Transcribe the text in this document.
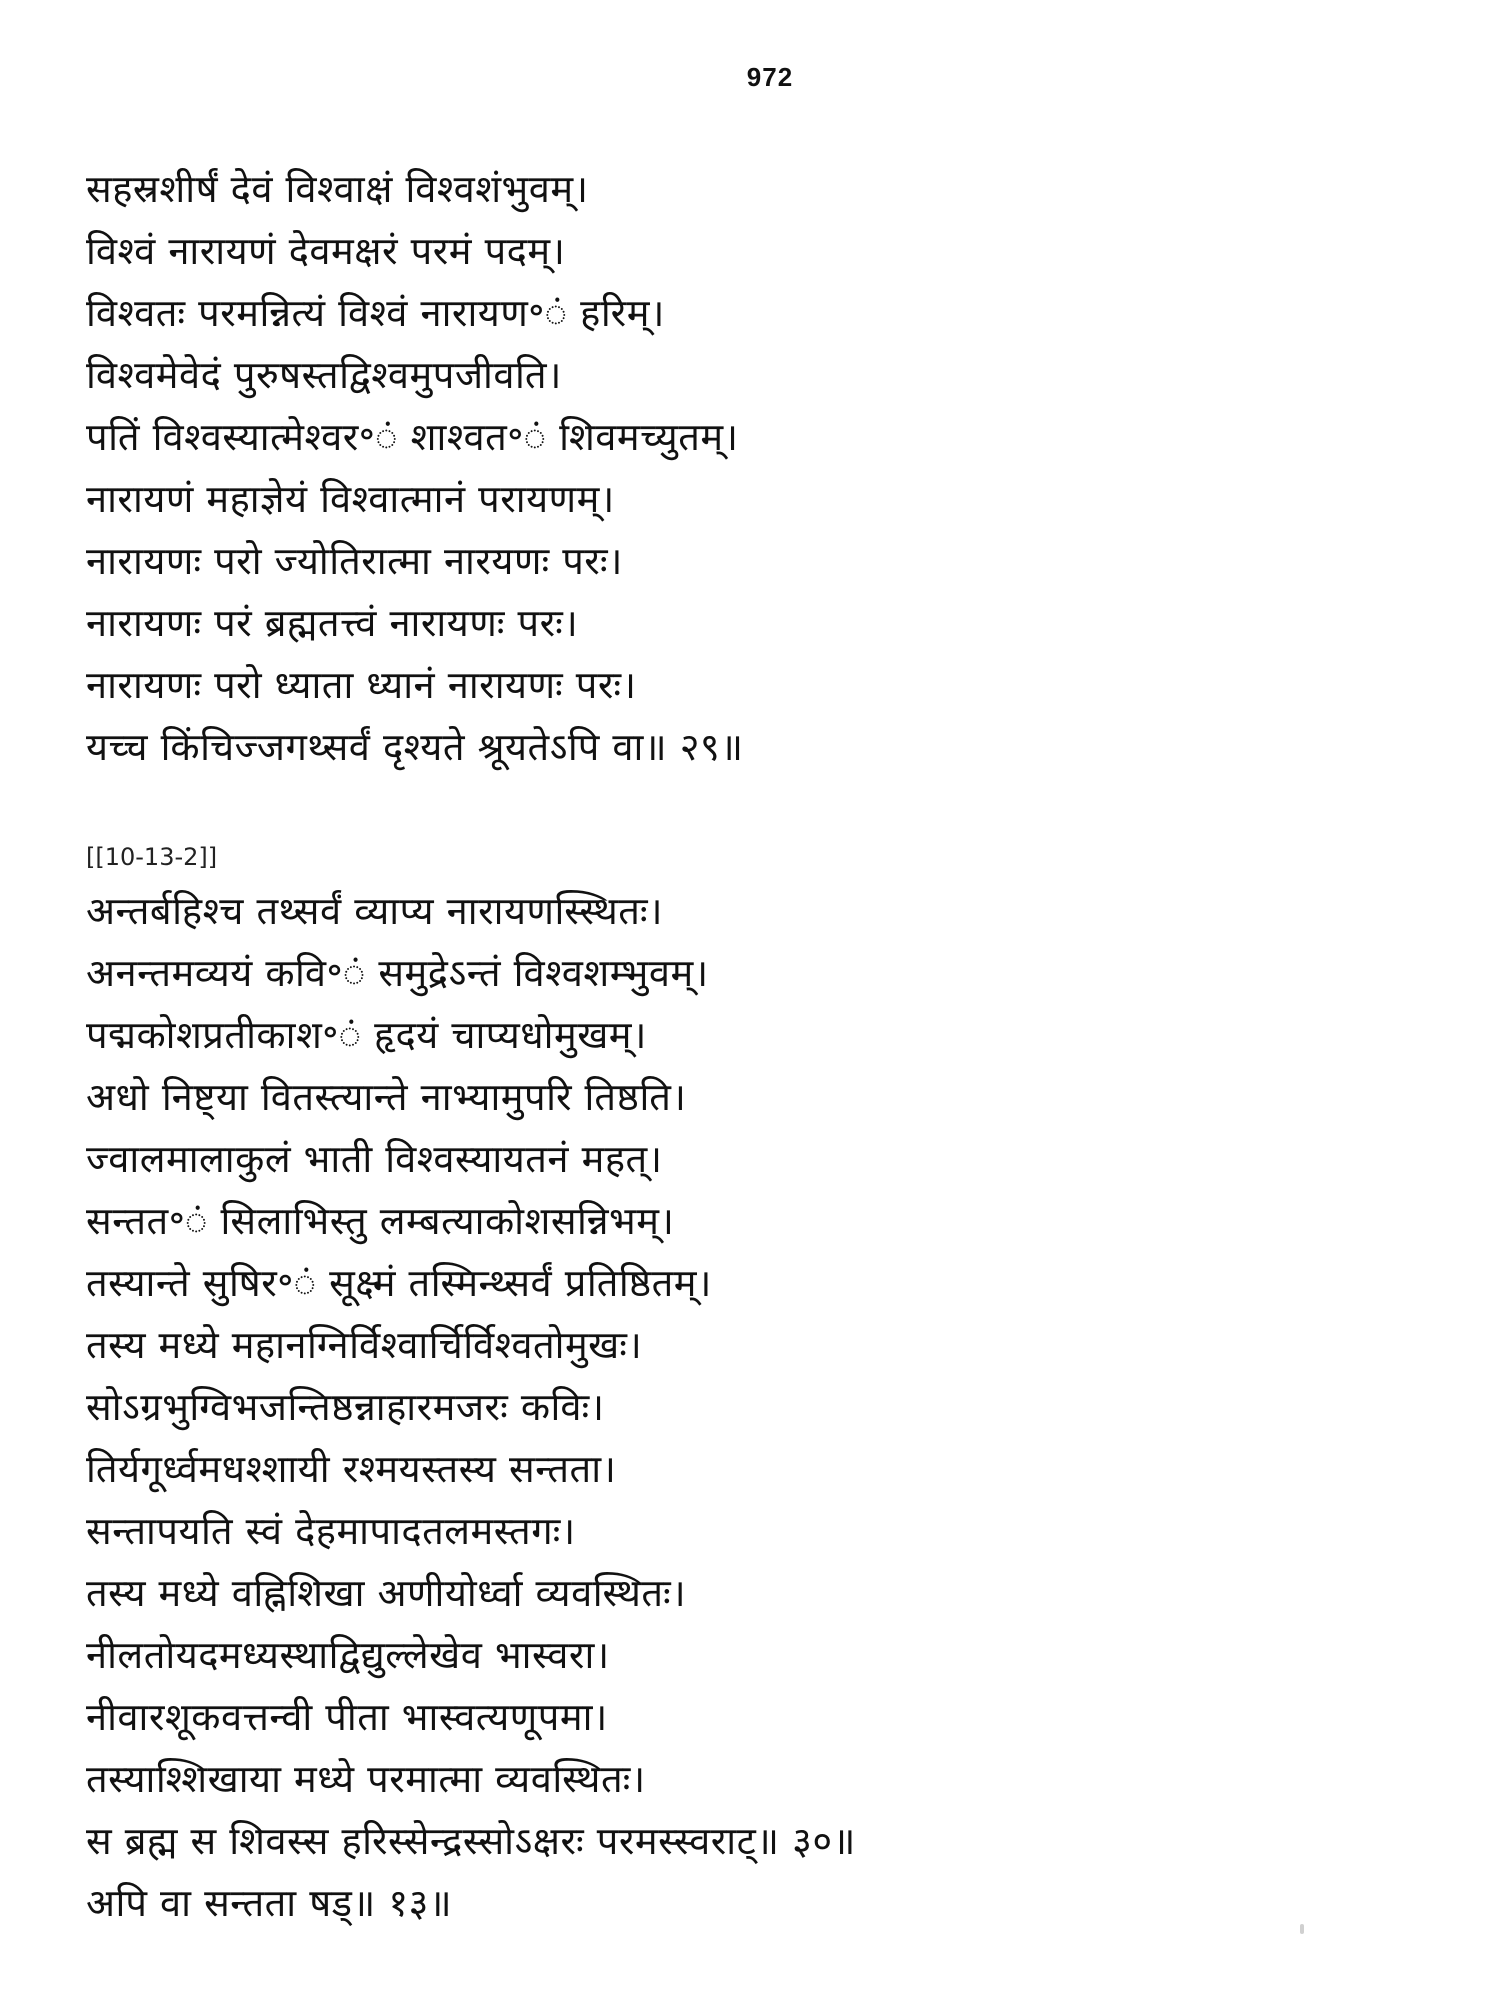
972
सहस्रशीर्षं देवं विश्वाक्षं विश्वशंभुवम्।
विश्वं नारायणं देवमक्षरं परमं पदम्।
विश्वतः परमन्नित्यं विश्वं नारायण॰ं हरिम्।
विश्वमेवेदं पुरुषस्तद्विश्वमुपजीवति।
पतिं विश्वस्यात्मेश्वर॰ं शाश्वत॰ं शिवमच्युतम्।
नारायणं महाज्ञेयं विश्वात्मानं परायणम्।
नारायणः परो ज्योतिरात्मा नारयणः परः।
नारायणः परं ब्रह्मतत्त्वं नारायणः परः।
नारायणः परो ध्याता ध्यानं नारायणः परः।
यच्च किंचिज्जगथ्सर्वं दृश्यते श्रूयतेऽपि वा॥ २९॥
[[10-13-2]]
अन्तर्बहिश्च तथ्सर्वं व्याप्य नारायणस्स्थितः।
अनन्तमव्ययं कवि॰ं समुद्रेऽन्तं विश्वशम्भुवम्।
पद्मकोशप्रतीकाश॰ं हृदयं चाप्यधोमुखम्।
अधो निष्ट्या वितस्त्यान्ते नाभ्यामुपरि तिष्ठति।
ज्वालमालाकुलं भाती विश्वस्यायतनं महत्।
सन्तत॰ं सिलाभिस्तु लम्बत्याकोशसन्निभम्।
तस्यान्ते सुषिर॰ं सूक्ष्मं तस्मिन्थ्सर्वं प्रतिष्ठितम्।
तस्य मध्ये महानग्निर्विश्वार्चिर्विश्वतोमुखः।
सोऽग्रभुग्विभजन्तिष्ठन्नाहारमजरः कविः।
तिर्यगूर्ध्वमधश्शायी रश्मयस्तस्य सन्तता।
सन्तापयति स्वं देहमापादतलमस्तगः।
तस्य मध्ये वह्निशिखा अणीयोर्ध्वा व्यवस्थितः।
नीलतोयदमध्यस्थाद्विद्युल्लेखेव भास्वरा।
नीवारशूकवत्तन्वी पीता भास्वत्यणूपमा।
तस्याश्शिखाया मध्ये परमात्मा व्यवस्थितः।
स ब्रह्म स शिवस्स हरिस्सेन्द्रस्सोऽक्षरः परमस्स्वराट्॥ ३०॥
अपि वा सन्तता षड्॥ १३॥
